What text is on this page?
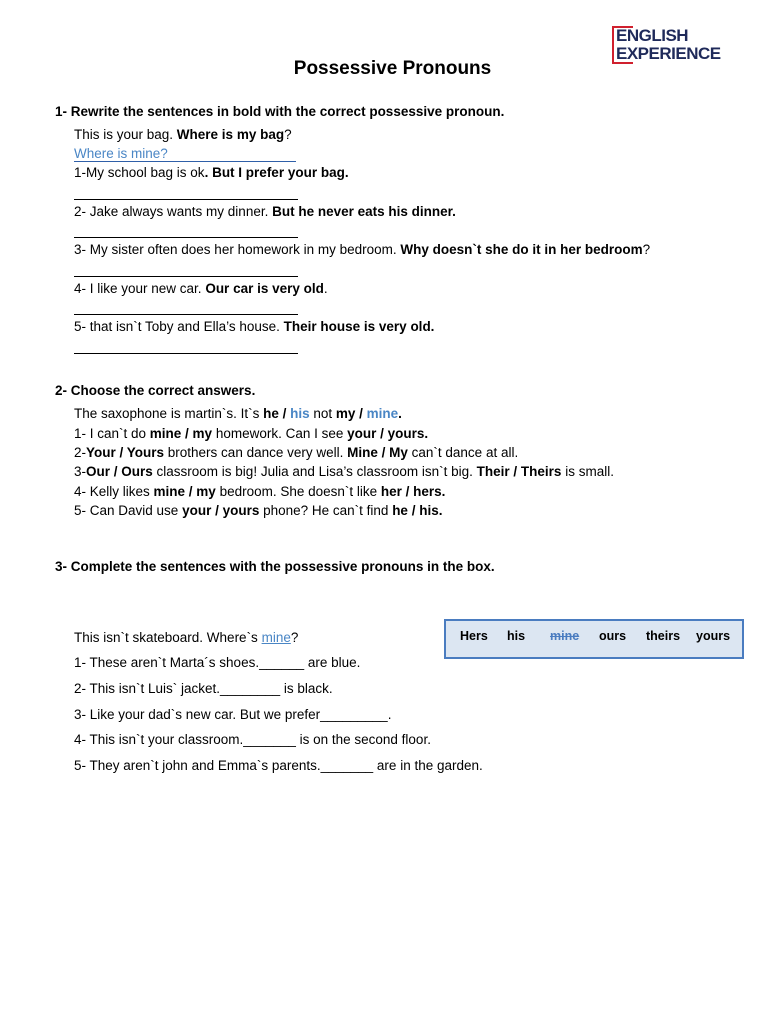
ENGLISH
EXPERIENCE
Possessive Pronouns
1- Rewrite the sentences in bold with the correct possessive pronoun.
This is your bag. Where is my bag?
Where is mine?
1-My school bag is ok. But I prefer your bag.
2- Jake always wants my dinner. But he never eats his dinner.
3- My sister often does her homework in my bedroom. Why doesn`t she do it in her bedroom?
4- I like your new car. Our car is very old.
5- that isn`t Toby and Ella’s house. Their house is very old.
2- Choose the correct answers.
The saxophone is martin`s. It`s he / his not my / mine.
1- I can`t do mine / my homework. Can I see your / yours.
2-Your / Yours brothers can dance very well. Mine / My can`t dance at all.
3-Our / Ours classroom is big! Julia and Lisa’s classroom isn`t big. Their / Theirs is small.
4- Kelly likes mine / my bedroom. She doesn`t like her / hers.
5- Can David use your / yours phone? He can`t find he / his.
3- Complete the sentences with the possessive pronouns in the box.
Hers his mine ours theirs yours
This isn`t skateboard. Where`s mine?
1- These aren`t Marta´s shoes.______ are blue.
2- This isn`t Luis` jacket.________ is black.
3- Like your dad`s new car. But we prefer_________.
4- This isn`t your classroom._______ is on the second floor.
5- They aren`t john and Emma`s parents._______ are in the garden.
